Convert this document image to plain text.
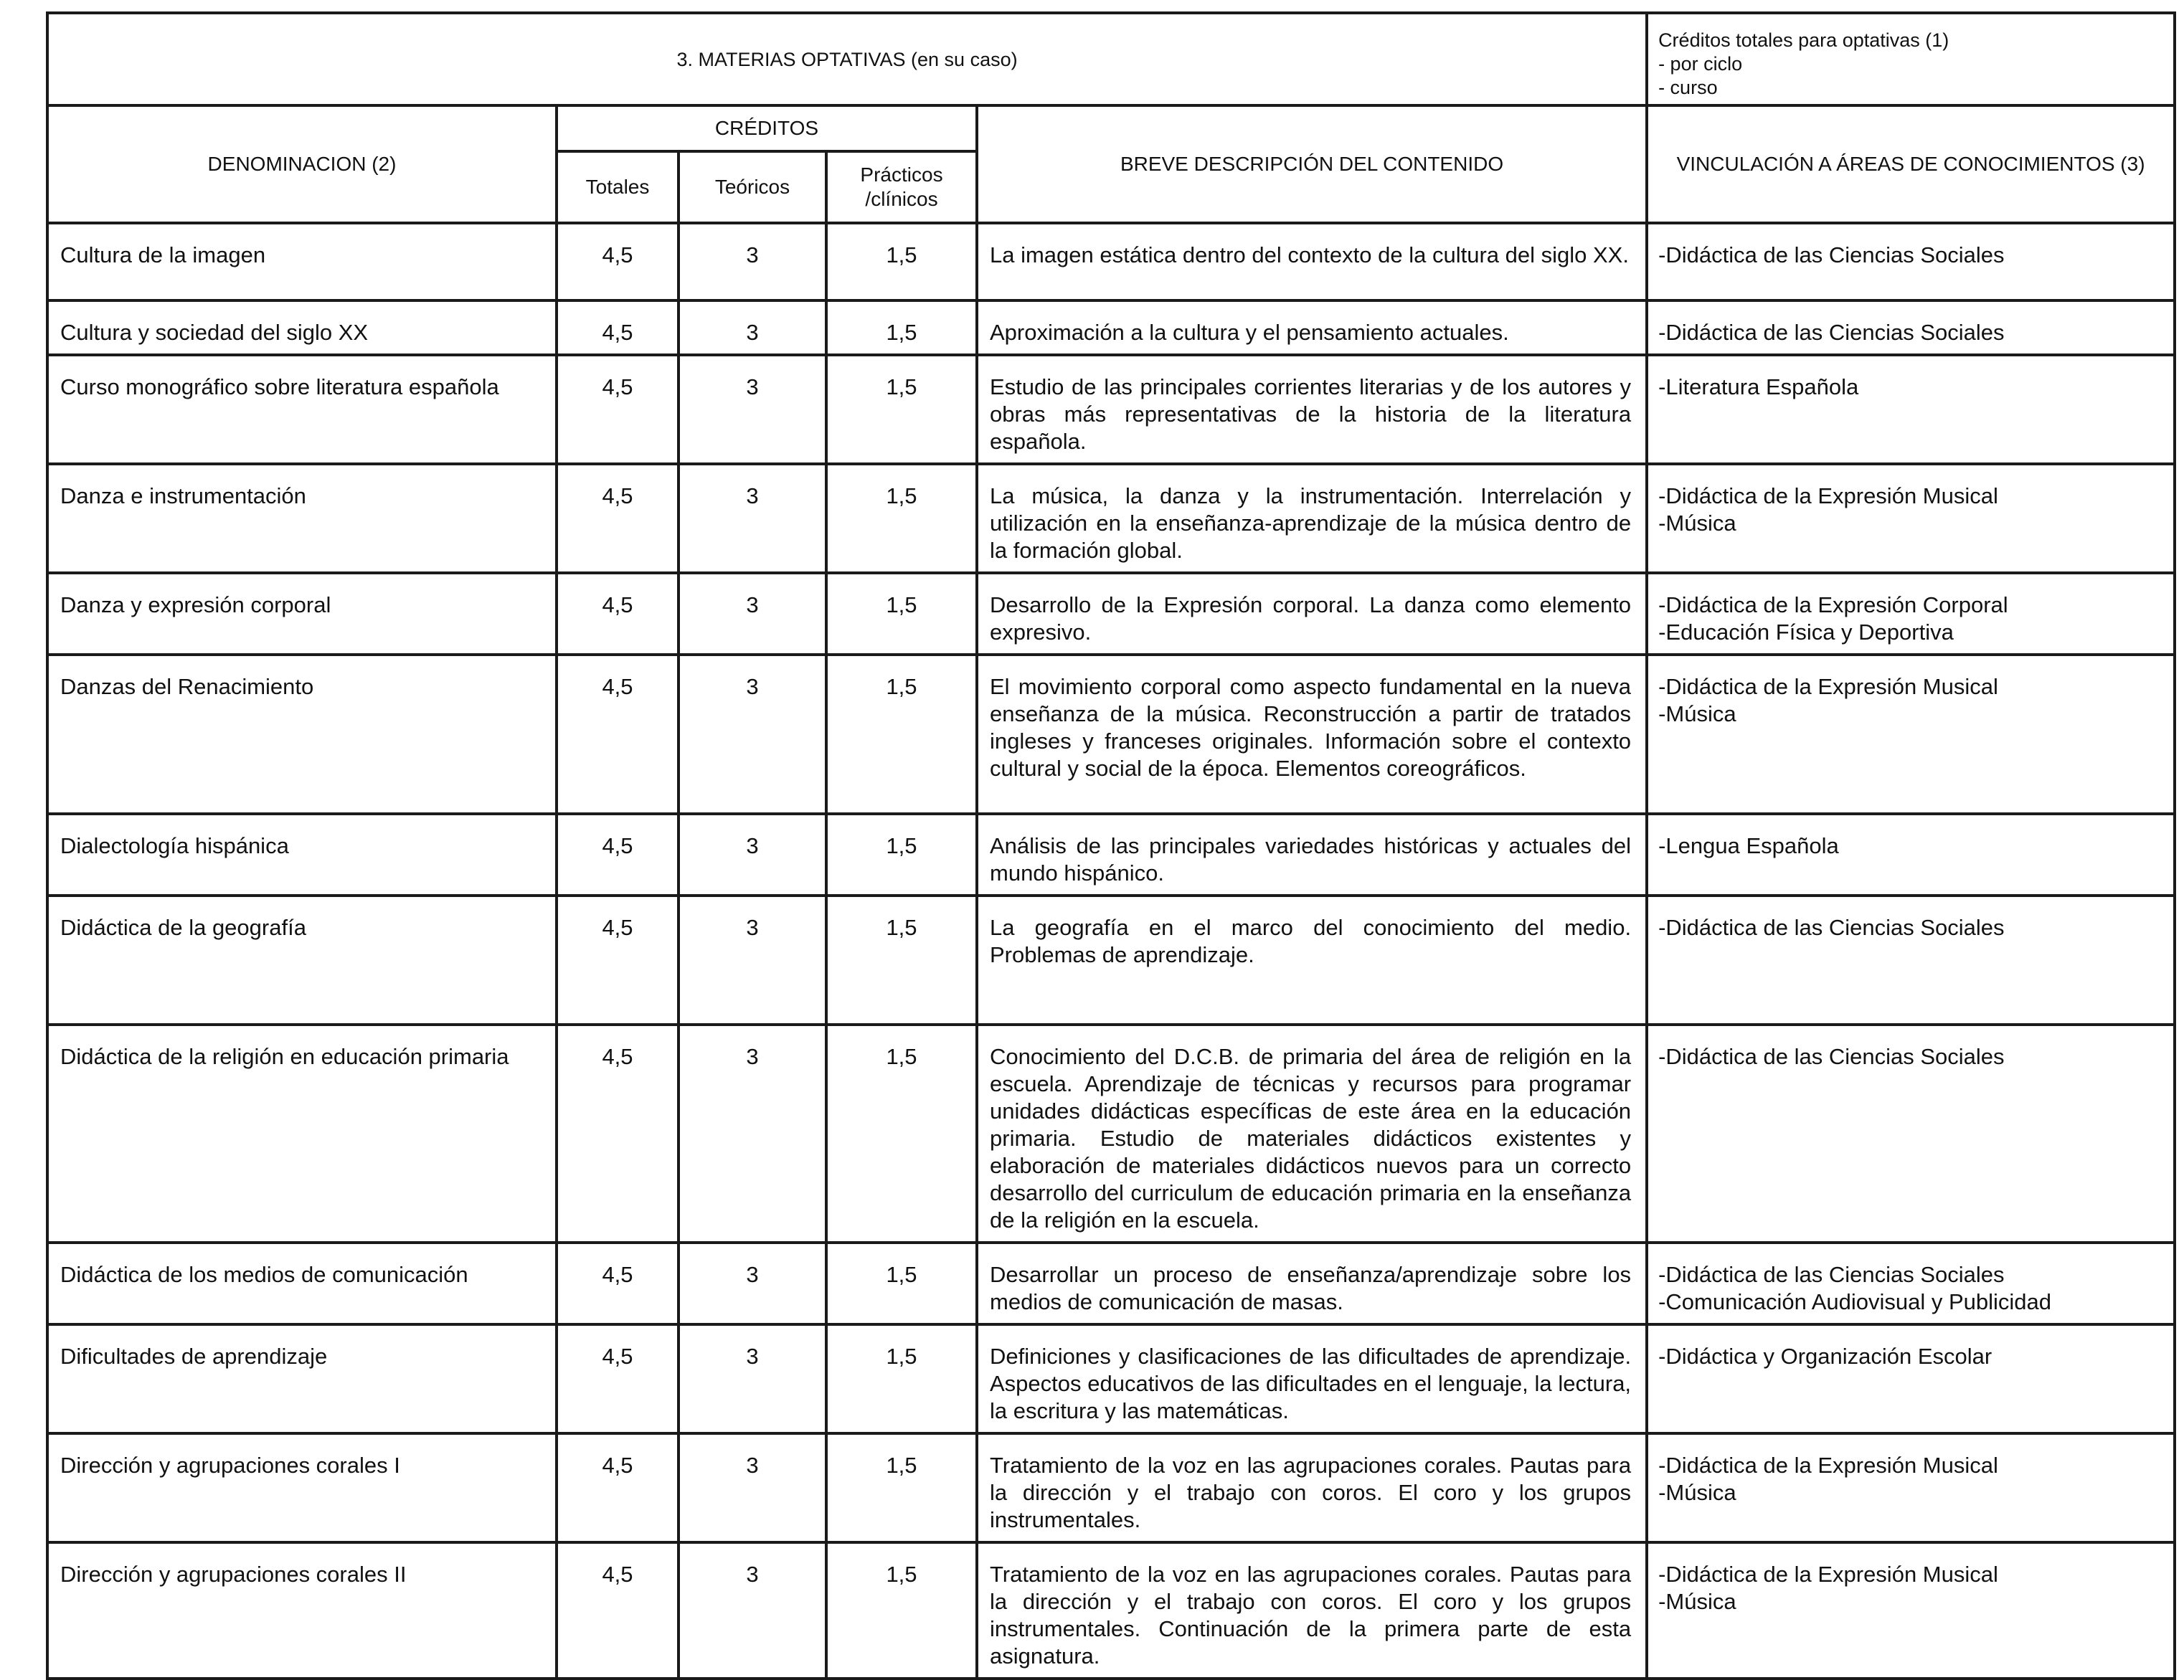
3. MATERIAS OPTATIVAS (en su caso)					Créditos totales para optativas (1)
- por ciclo
- curso

DENOMINACION (2)	CRÉDITOS			BREVE DESCRIPCIÓN DEL CONTENIDO	VINCULACIÓN A ÁREAS DE CONOCIMIENTOS (3)
	Totales	Teóricos	Prácticos /clínicos		
Cultura de la imagen	4,5	3	1,5	La imagen estática dentro del contexto de la cultura del siglo XX.	-Didáctica de las Ciencias Sociales

Cultura y sociedad del siglo XX	4,5	3	1,5	Aproximación a la cultura y el pensamiento actuales.	-Didáctica de las Ciencias Sociales

Curso monográfico sobre literatura española	4,5	3	1,5	Estudio de las principales corrientes literarias y de los autores y obras más representativas de la historia de la literatura española.	-Literatura Española

Danza e instrumentación	4,5	3	1,5	La música, la danza y la instrumentación. Interrelación y utilización en la enseñanza-aprendizaje de la música dentro de la formación global.	-Didáctica de la Expresión Musical
-Música

Danza y expresión corporal	4,5	3	1,5	Desarrollo de la Expresión corporal. La danza como elemento expresivo.	-Didáctica de la Expresión Corporal
-Educación Física y Deportiva

Danzas del Renacimiento	4,5	3	1,5	El movimiento corporal como aspecto fundamental en la nueva enseñanza de la música. Reconstrucción a partir de tratados ingleses y franceses originales. Información sobre el contexto cultural y social de la época. Elementos coreográficos.	-Didáctica de la Expresión Musical
-Música

Dialectología hispánica	4,5	3	1,5	Análisis de las principales variedades históricas y actuales del mundo hispánico.	-Lengua Española

Didáctica de la geografía	4,5	3	1,5	La geografía en el marco del conocimiento del medio. Problemas de aprendizaje.	-Didáctica de las Ciencias Sociales

Didáctica de la religión en educación primaria	4,5	3	1,5	Conocimiento del D.C.B. de primaria del área de religión en la escuela. Aprendizaje de técnicas y recursos para programar unidades didácticas específicas de este área en la educación primaria. Estudio de materiales didácticos existentes y elaboración de materiales didácticos nuevos para un correcto desarrollo del curriculum de educación primaria en la enseñanza de la religión en la escuela.	-Didáctica de las Ciencias Sociales

Didáctica de los medios de comunicación	4,5	3	1,5	Desarrollar un proceso de enseñanza/aprendizaje sobre los medios de comunicación de masas.	-Didáctica de las Ciencias Sociales
-Comunicación Audiovisual y Publicidad

Dificultades de aprendizaje	4,5	3	1,5	Definiciones y clasificaciones de las dificultades de aprendizaje. Aspectos educativos de las dificultades en el lenguaje, la lectura, la escritura y las matemáticas.	-Didáctica y Organización Escolar

Dirección y agrupaciones corales I	4,5	3	1,5	Tratamiento de la voz en las agrupaciones corales. Pautas para la dirección y el trabajo con coros. El coro y los grupos instrumentales.	-Didáctica de la Expresión Musical
-Música

Dirección y agrupaciones corales II	4,5	3	1,5	Tratamiento de la voz en las agrupaciones corales. Pautas para la dirección y el trabajo con coros. El coro y los grupos instrumentales. Continuación de la primera parte de esta asignatura.	-Didáctica de la Expresión Musical
-Música
